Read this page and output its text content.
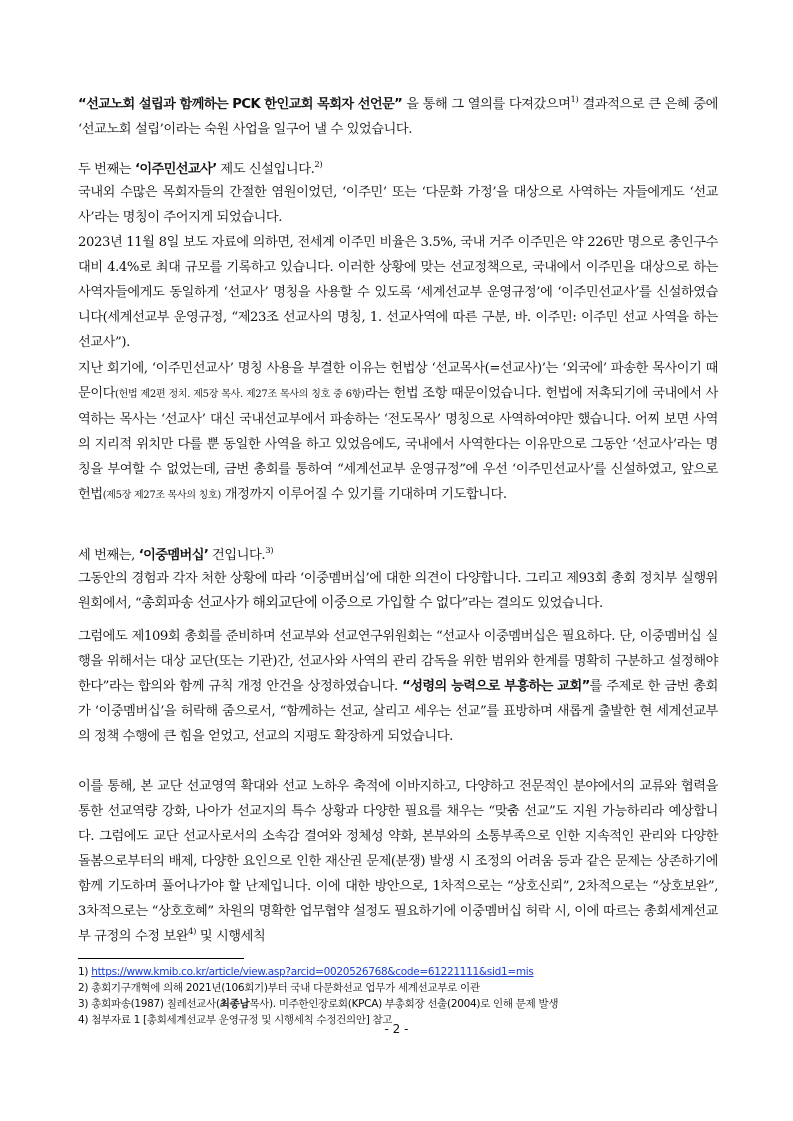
“선교노회 설립과 함께하는 PCK 한인교회 목회자 선언문” 을 통해 그 열의를 다져갔으며$^{1)}$ 결과적으로 큰 은혜 중에 ‘선교노회 설립’이라는 숙원 사업을 일구어 낼 수 있었습니다.
두 번째는 ‘이주민선교사’ 제도 신설입니다.$^{2)}$
국내외 수많은 목회자들의 간절한 염원이었던, ‘이주민’ 또는 ‘다문화 가정’을 대상으로 사역하는 자들에게도 ‘선교사’라는 명칭이 주어지게 되었습니다.
2023년 11월 8일 보도 자료에 의하면, 전세계 이주민 비율은 3.5%, 국내 거주 이주민은 약 226만 명으로 총인구수 대비 4.4%로 최대 규모를 기록하고 있습니다. 이러한 상황에 맞는 선교정책으로, 국내에서 이주민을 대상으로 하는 사역자들에게도 동일하게 ‘선교사’ 명칭을 사용할 수 있도록 ‘세계선교부 운영규정’에 ‘이주민선교사’를 신설하였습니다(세계선교부 운영규정, “제23조 선교사의 명칭, 1. 선교사역에 따른 구분, 바. 이주민: 이주민 선교 사역을 하는 선교사”).
지난 회기에, ‘이주민선교사’ 명칭 사용을 부결한 이유는 헌법상 ‘선교목사(=선교사)’는 ‘외국에’ 파송한 목사이기 때문이다(헌법 제2편 정치. 제5장 목사. 제27조 목사의 칭호 중 6항)라는 헌법 조항 때문이었습니다. 헌법에 저촉되기에 국내에서 사역하는 목사는 ‘선교사’ 대신 국내선교부에서 파송하는 ‘전도목사’ 명칭으로 사역하여야만 했습니다. 어찌 보면 사역의 지리적 위치만 다를 뿐 동일한 사역을 하고 있었음에도, 국내에서 사역한다는 이유만으로 그동안 ‘선교사’라는 명칭을 부여할 수 없었는데, 금번 총회를 통하여 “세계선교부 운영규정”에 우선 ‘이주민선교사’를 신설하였고, 앞으로 헌법(제5장 제27조 목사의 칭호) 개정까지 이루어질 수 있기를 기대하며 기도합니다.
세 번째는, ‘이중멤버십’ 건입니다.$^{3)}$
그동안의 경험과 각자 처한 상황에 따라 ‘이중멤버십’에 대한 의견이 다양합니다. 그리고 제93회 총회 정치부 실행위원회에서, “총회파송 선교사가 해외교단에 이중으로 가입할 수 없다”라는 결의도 있었습니다.
그럼에도 제109회 총회를 준비하며 선교부와 선교연구위원회는 “선교사 이중멤버십은 필요하다. 단, 이중멤버십 실행을 위해서는 대상 교단(또는 기관)간, 선교사와 사역의 관리 감독을 위한 범위와 한계를 명확히 구분하고 설정해야 한다”라는 합의와 함께 규칙 개정 안건을 상정하였습니다. “성령의 능력으로 부흥하는 교회”를 주제로 한 금번 총회가 ‘이중멤버십’을 허락해 줌으로서, “함께하는 선교, 살리고 세우는 선교”를 표방하며 새롭게 출발한 현 세계선교부의 정책 수행에 큰 힘을 얻었고, 선교의 지평도 확장하게 되었습니다.
이를 통해, 본 교단 선교영역 확대와 선교 노하우 축적에 이바지하고, 다양하고 전문적인 분야에서의 교류와 협력을 통한 선교역량 강화, 나아가 선교지의 특수 상황과 다양한 필요를 채우는 “맞춤 선교”도 지원 가능하리라 예상합니다. 그럼에도 교단 선교사로서의 소속감 결여와 정체성 약화, 본부와의 소통부족으로 인한 지속적인 관리와 다양한 돌봄으로부터의 배제, 다양한 요인으로 인한 재산권 문제(분쟁) 발생 시 조정의 어려움 등과 같은 문제는 상존하기에 함께 기도하며 풀어나가야 할 난제입니다. 이에 대한 방안으로, 1차적으로는 “상호신뢰”, 2차적으로는 “상호보완”, 3차적으로는 “상호호혜” 차원의 명확한 업무협약 설정도 필요하기에 이중멤버십 허락 시, 이에 따르는 총회세계선교부 규정의 수정 보완$^{4)}$ 및 시행세칙
1) https://www.kmib.co.kr/article/view.asp?arcid=0020526768&code=61221111&sid1=mis
2) 총회기구개혁에 의해 2021년(106회기)부터 국내 다문화선교 업무가 세계선교부로 이관
3) 총회파송(1987) 칠레선교사(최종남목사). 미주한인장로회(KPCA) 부총회장 선출(2004)로 인해 문제 발생
4) 첨부자료 1 [총회세계선교부 운영규정 및 시행세칙 수정건의안] 참고
- 2 -
